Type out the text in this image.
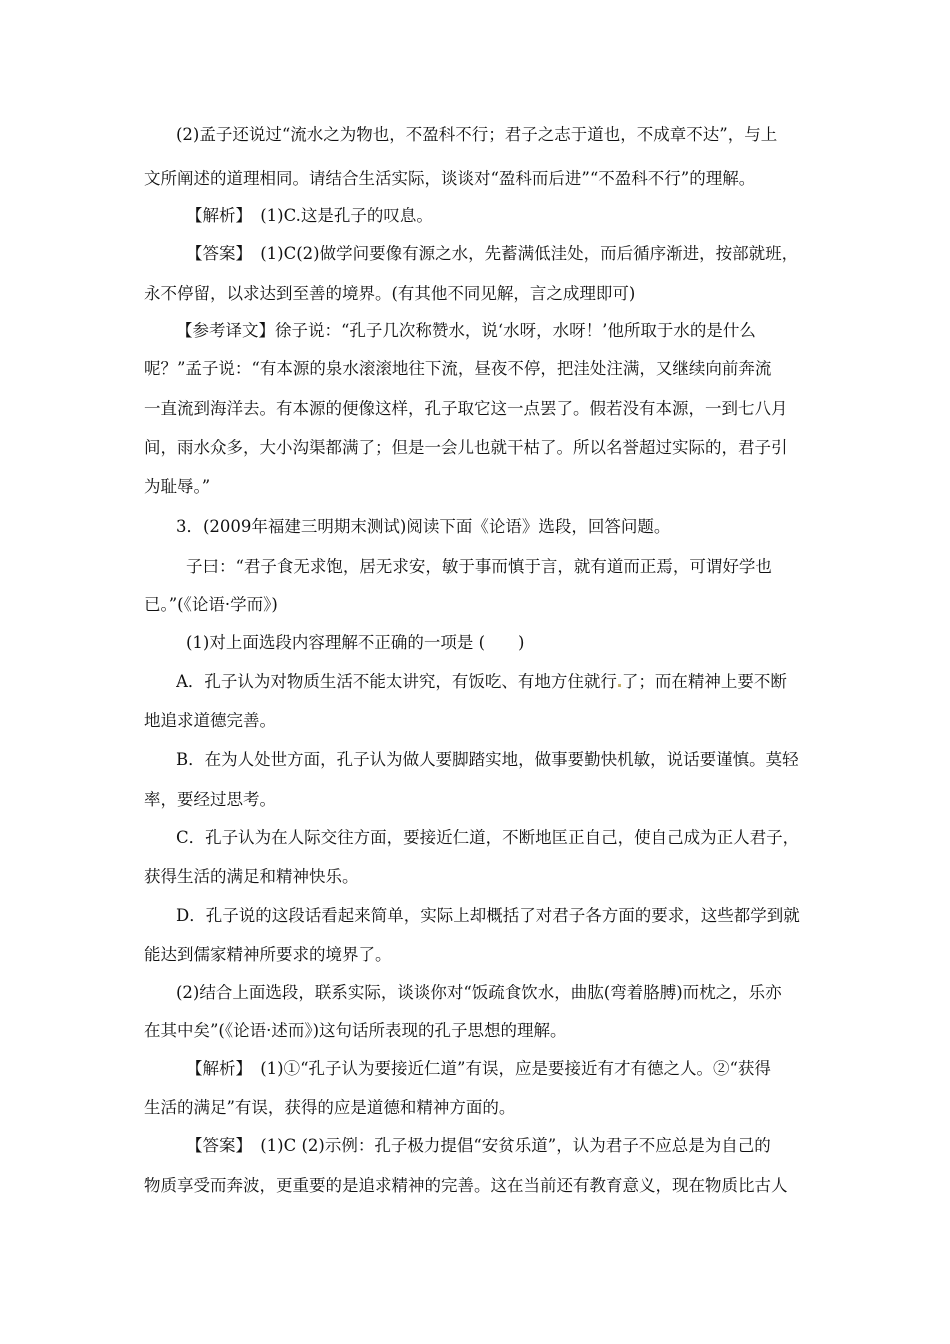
(2)孟子还说过“流水之为物也，不盈科不行；君子之志于道也，不成章不达”，与上
文所阐述的道理相同。请结合生活实际，谈谈对“盈科而后进”“不盈科不行”的理解。
【解析】　(1)C.这是孔子的叹息。
【答案】　(1)C(2)做学问要像有源之水，先蓄满低洼处，而后循序渐进，按部就班，
永不停留，以求达到至善的境界。(有其他不同见解，言之成理即可)
【参考译文】徐子说：“孔子几次称赞水，说‘水呀，水呀！’他所取于水的是什么
呢？”孟子说：“有本源的泉水滚滚地往下流，昼夜不停，把洼处注满，又继续向前奔流
一直流到海洋去。有本源的便像这样，孔子取它这一点罢了。假若没有本源，一到七八月
间，雨水众多，大小沟渠都满了；但是一会儿也就干枯了。所以名誉超过实际的，君子引
为耻辱。”
3．(2009年福建三明期末测试)阅读下面《论语》选段，回答问题。
子曰：“君子食无求饱，居无求安，敏于事而慎于言，就有道而正焉，可谓好学也
已。”(《论语·学而》)
(1)对上面选段内容理解不正确的一项是 (　　)
A．孔子认为对物质生活不能太讲究，有饭吃、有地方住就行 了；而在精神上要不断
地追求道德完善。
B．在为人处世方面，孔子认为做人要脚踏实地，做事要勤快机敏，说话要谨慎。莫轻
率，要经过思考。
C．孔子认为在人际交往方面，要接近仁道，不断地匡正自己，使自己成为正人君子，
获得生活的满足和精神快乐。
D．孔子说的这段话看起来简单，实际上却概括了对君子各方面的要求，这些都学到就
能达到儒家精神所要求的境界了。
(2)结合上面选段，联系实际，谈谈你对“饭疏食饮水，曲肱(弯着胳膊)而枕之，乐亦
在其中矣”(《论语·述而》)这句话所表现的孔子思想的理解。
【解析】　(1)①“孔子认为要接近仁道”有误，应是要接近有才有德之人。②“获得
生活的满足”有误，获得的应是道德和精神方面的。
【答案】　(1)C (2)示例：孔子极力提倡“安贫乐道”，认为君子不应总是为自己的
物质享受而奔波，更重要的是追求精神的完善。这在当前还有教育意义，现在物质比古人
